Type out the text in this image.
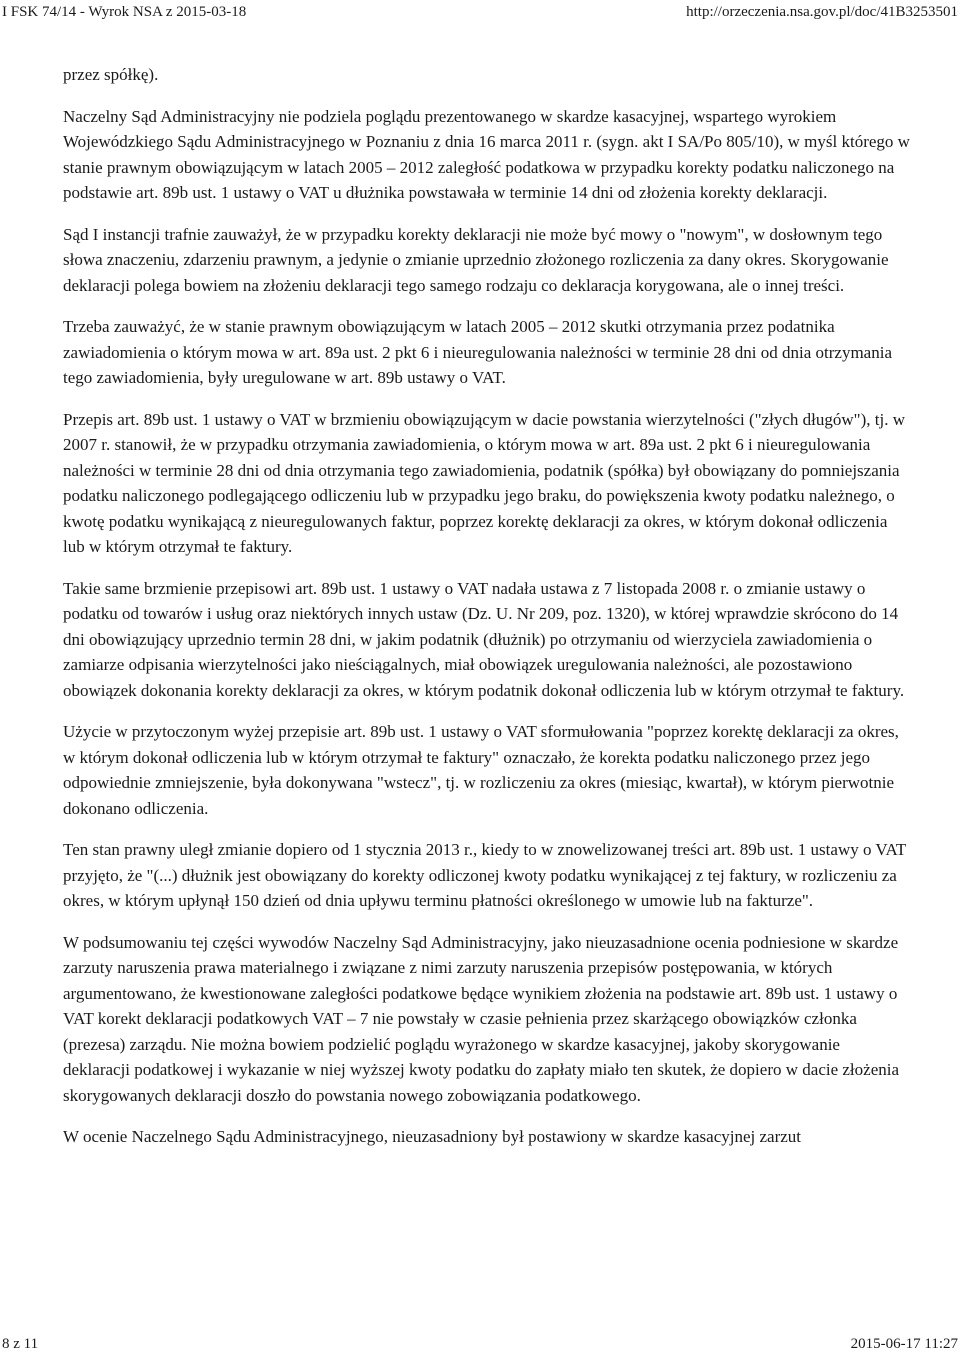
I FSK 74/14 - Wyrok NSA z 2015-03-18	http://orzeczenia.nsa.gov.pl/doc/41B3253501

przez spółkę).

Naczelny Sąd Administracyjny nie podziela poglądu prezentowanego w skardze kasacyjnej, wspartego wyrokiem Wojewódzkiego Sądu Administracyjnego w Poznaniu z dnia 16 marca 2011 r. (sygn. akt I SA/Po 805/10), w myśl którego w stanie prawnym obowiązującym w latach 2005 – 2012 zaległość podatkowa w przypadku korekty podatku naliczonego na podstawie art. 89b ust. 1 ustawy o VAT u dłużnika powstawała w terminie 14 dni od złożenia korekty deklaracji.

Sąd I instancji trafnie zauważył, że w przypadku korekty deklaracji nie może być mowy o "nowym", w dosłownym tego słowa znaczeniu, zdarzeniu prawnym, a jedynie o zmianie uprzednio złożonego rozliczenia za dany okres. Skorygowanie deklaracji polega bowiem na złożeniu deklaracji tego samego rodzaju co deklaracja korygowana, ale o innej treści.

Trzeba zauważyć, że w stanie prawnym obowiązującym w latach 2005 – 2012 skutki otrzymania przez podatnika zawiadomienia o którym mowa w art. 89a ust. 2 pkt 6 i nieuregulowania należności w terminie 28 dni od dnia otrzymania tego zawiadomienia, były uregulowane w art. 89b ustawy o VAT.

Przepis art. 89b ust. 1 ustawy o VAT w brzmieniu obowiązującym w dacie powstania wierzytelności ("złych długów"), tj. w 2007 r. stanowił, że w przypadku otrzymania zawiadomienia, o którym mowa w art. 89a ust. 2 pkt 6 i nieuregulowania należności w terminie 28 dni od dnia otrzymania tego zawiadomienia, podatnik (spółka) był obowiązany do pomniejszania podatku naliczonego podlegającego odliczeniu lub w przypadku jego braku, do powiększenia kwoty podatku należnego, o kwotę podatku wynikającą z nieuregulowanych faktur, poprzez korektę deklaracji za okres, w którym dokonał odliczenia lub w którym otrzymał te faktury.

Takie same brzmienie przepisowi art. 89b ust. 1 ustawy o VAT nadała ustawa z 7 listopada 2008 r. o zmianie ustawy o podatku od towarów i usług oraz niektórych innych ustaw (Dz. U. Nr 209, poz. 1320), w której wprawdzie skrócono do 14 dni obowiązujący uprzednio termin 28 dni, w jakim podatnik (dłużnik) po otrzymaniu od wierzyciela zawiadomienia o zamiarze odpisania wierzytelności jako nieściągalnych, miał obowiązek uregulowania należności, ale pozostawiono obowiązek dokonania korekty deklaracji za okres, w którym podatnik dokonał odliczenia lub w którym otrzymał te faktury.

Użycie w przytoczonym wyżej przepisie art. 89b ust. 1 ustawy o VAT sformułowania "poprzez korektę deklaracji za okres, w którym dokonał odliczenia lub w którym otrzymał te faktury" oznaczało, że korekta podatku naliczonego przez jego odpowiednie zmniejszenie, była dokonywana "wstecz", tj. w rozliczeniu za okres (miesiąc, kwartał), w którym pierwotnie dokonano odliczenia.

Ten stan prawny uległ zmianie dopiero od 1 stycznia 2013 r., kiedy to w znowelizowanej treści art. 89b ust. 1 ustawy o VAT przyjęto, że "(...) dłużnik jest obowiązany do korekty odliczonej kwoty podatku wynikającej z tej faktury, w rozliczeniu za okres, w którym upłynął 150 dzień od dnia upływu terminu płatności określonego w umowie lub na fakturze".

W podsumowaniu tej części wywodów Naczelny Sąd Administracyjny, jako nieuzasadnione ocenia podniesione w skardze zarzuty naruszenia prawa materialnego i związane z nimi zarzuty naruszenia przepisów postępowania, w których argumentowano, że kwestionowane zaległości podatkowe będące wynikiem złożenia na podstawie art. 89b ust. 1 ustawy o VAT korekt deklaracji podatkowych VAT – 7 nie powstały w czasie pełnienia przez skarżącego obowiązków członka (prezesa) zarządu. Nie można bowiem podzielić poglądu wyrażonego w skardze kasacyjnej, jakoby skorygowanie deklaracji podatkowej i wykazanie w niej wyższej kwoty podatku do zapłaty miało ten skutek, że dopiero w dacie złożenia skorygowanych deklaracji doszło do powstania nowego zobowiązania podatkowego.

W ocenie Naczelnego Sądu Administracyjnego, nieuzasadniony był postawiony w skardze kasacyjnej zarzut

8 z 11	2015-06-17 11:27
